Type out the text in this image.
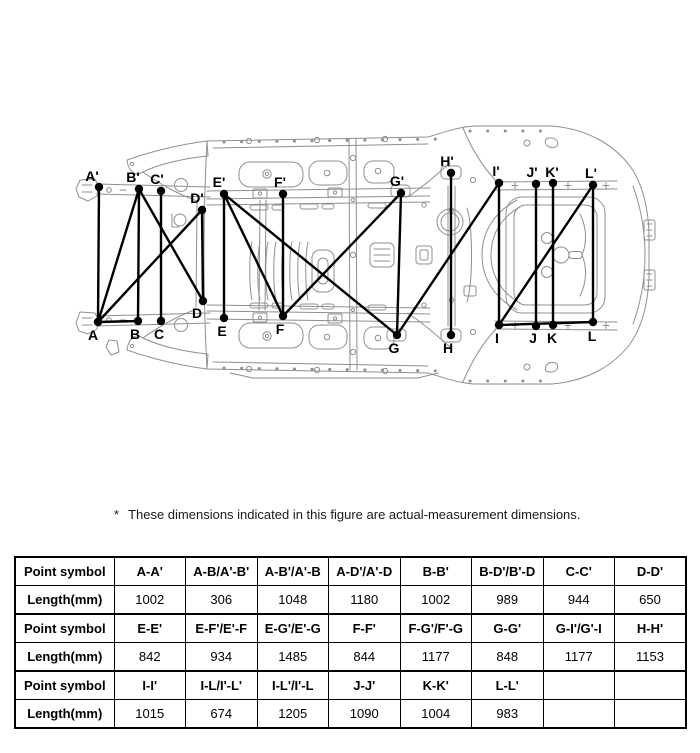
A
A'
B
B'
C
C'
D
D'
E
E'
F
F'
G
G'
H
H'
I
I'
J
J'
K
K'
L
L'

* These dimensions indicated in this figure are actual-measurement dimensions.

Point symbol	A-A'	A-B/A'-B'	A-B'/A'-B	A-D'/A'-D	B-B'	B-D'/B'-D	C-C'	D-D'
Length(mm)	1002	306	1048	1180	1002	989	944	650
Point symbol	E-E'	E-F'/E'-F	E-G'/E'-G	F-F'	F-G'/F'-G	G-G'	G-I'/G'-I	H-H'
Length(mm)	842	934	1485	844	1177	848	1177	1153
Point symbol	I-I'	I-L/I'-L'	I-L'/I'-L	J-J'	K-K'	L-L'		
Length(mm)	1015	674	1205	1090	1004	983		
